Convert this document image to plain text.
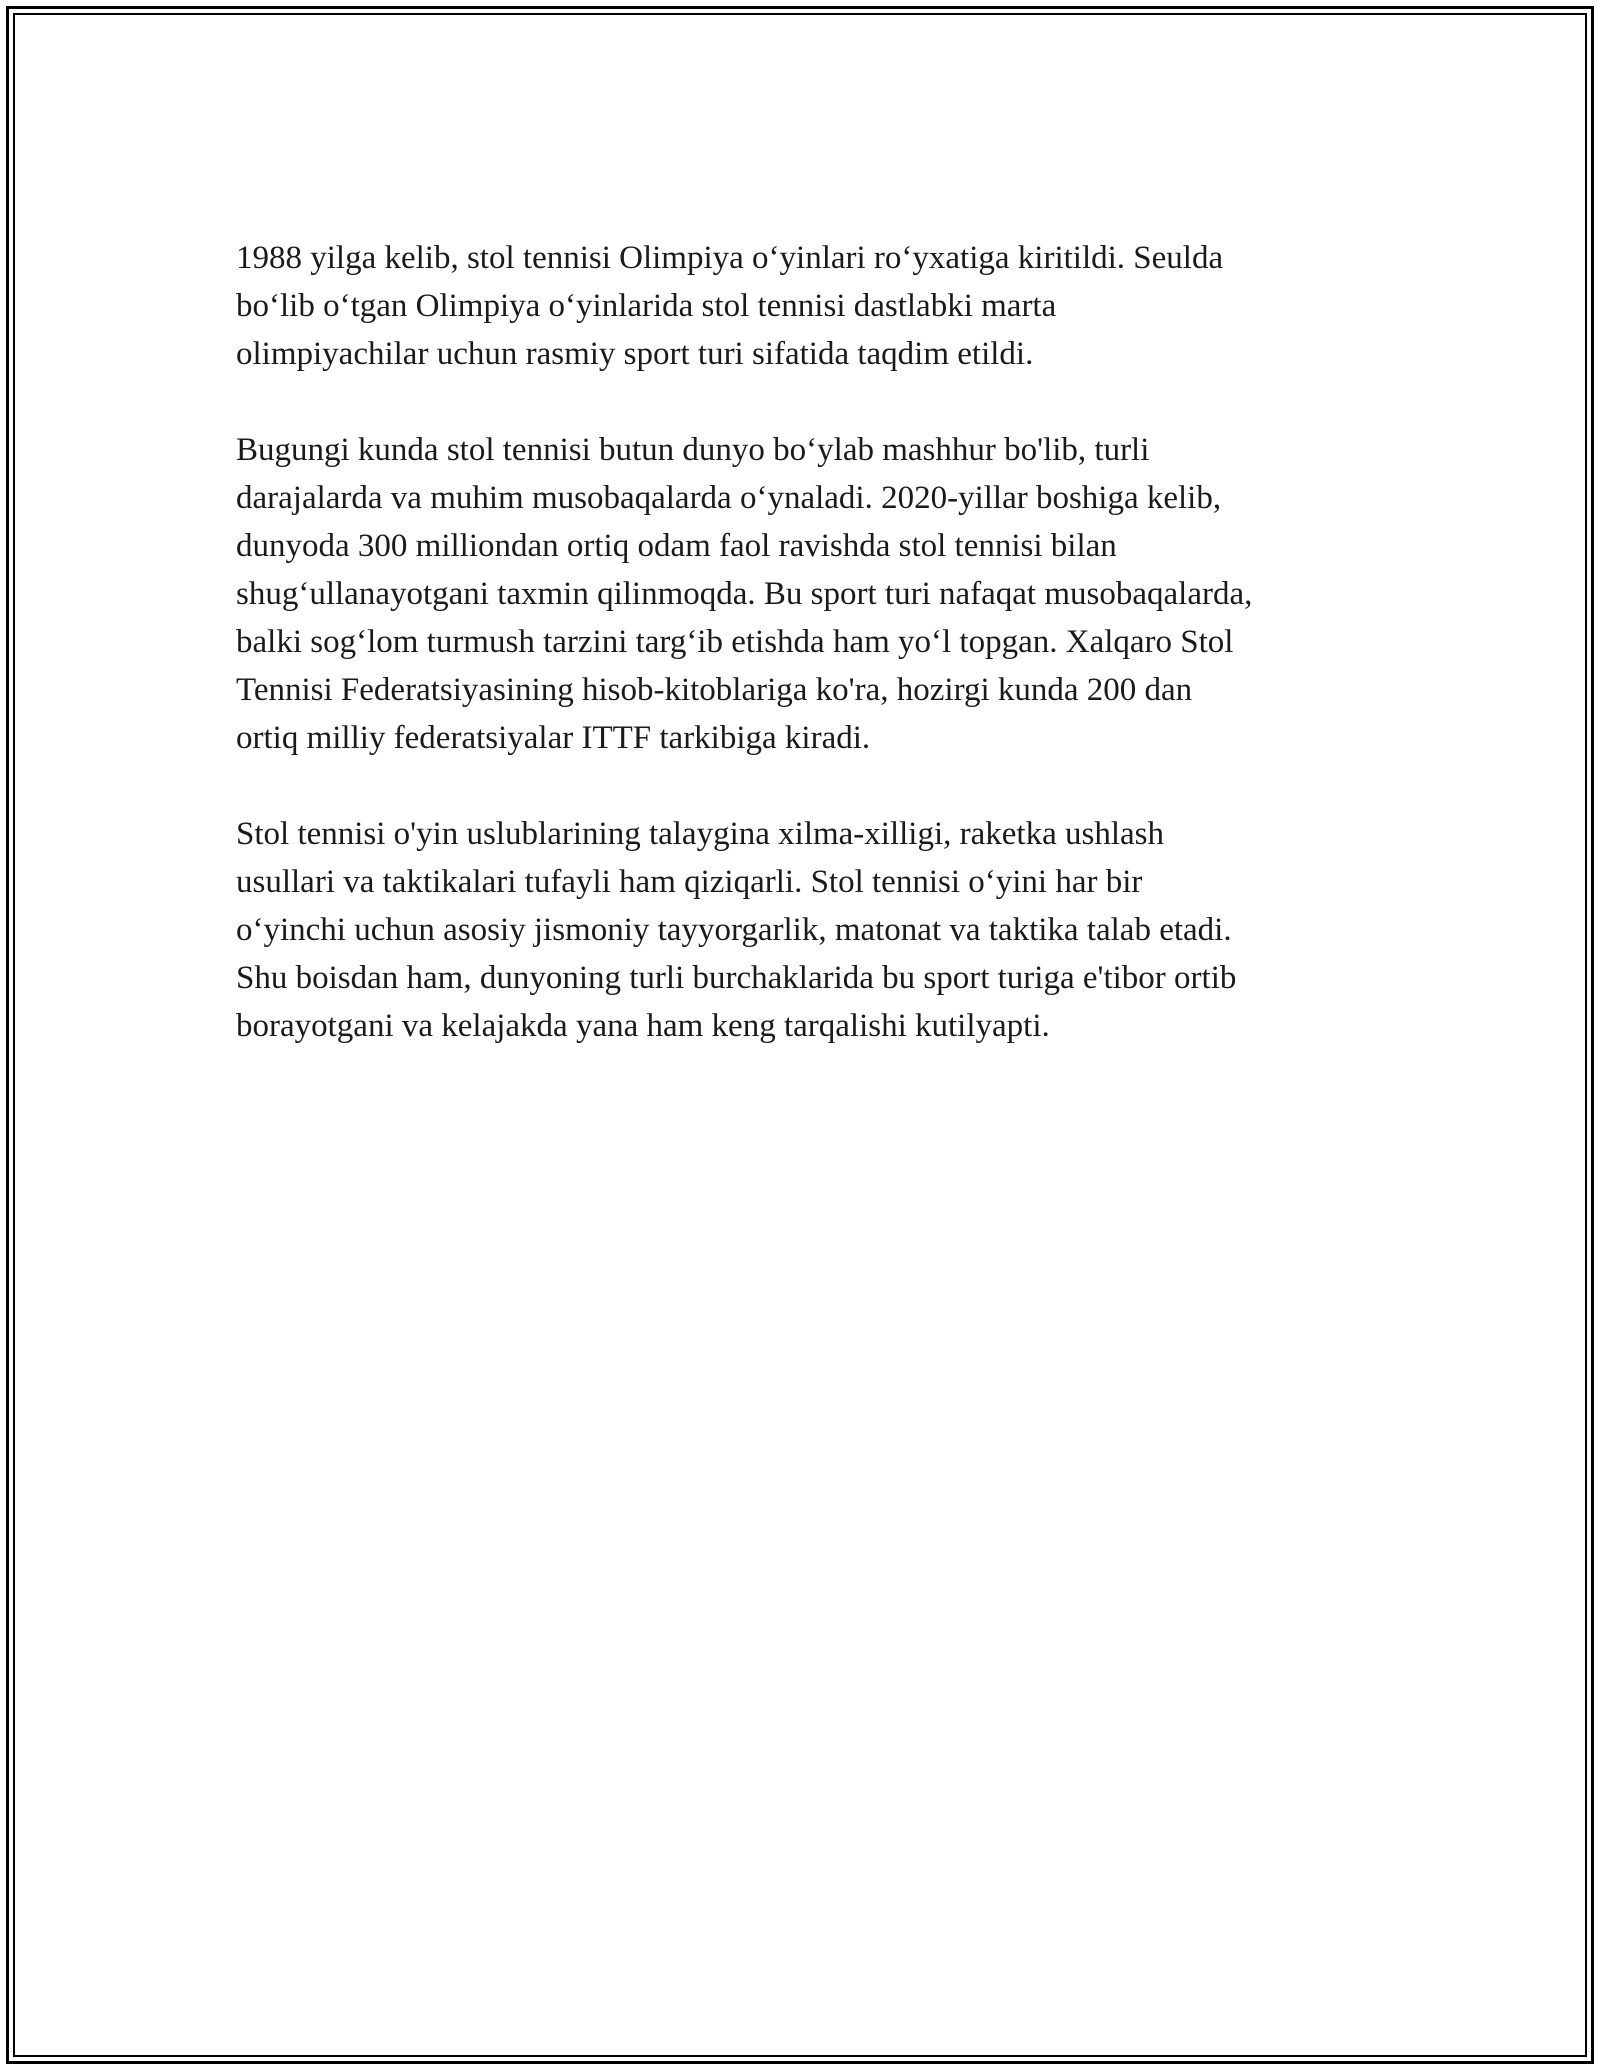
1988 yilga kelib, stol tennisi Olimpiya o‘yinlari ro‘yxatiga kiritildi. Seulda
bo‘lib o‘tgan Olimpiya o‘yinlarida stol tennisi dastlabki marta
olimpiyachilar uchun rasmiy sport turi sifatida taqdim etildi.

Bugungi kunda stol tennisi butun dunyo bo‘ylab mashhur bo'lib, turli
darajalarda va muhim musobaqalarda o‘ynaladi. 2020-yillar boshiga kelib,
dunyoda 300 milliondan ortiq odam faol ravishda stol tennisi bilan
shug‘ullanayotgani taxmin qilinmoqda. Bu sport turi nafaqat musobaqalarda,
balki sog‘lom turmush tarzini targ‘ib etishda ham yo‘l topgan. Xalqaro Stol
Tennisi Federatsiyasining hisob-kitoblariga ko'ra, hozirgi kunda 200 dan
ortiq milliy federatsiyalar ITTF tarkibiga kiradi.

Stol tennisi o'yin uslublarining talaygina xilma-xilligi, raketka ushlash
usullari va taktikalari tufayli ham qiziqarli. Stol tennisi o‘yini har bir
o‘yinchi uchun asosiy jismoniy tayyorgarlik, matonat va taktika talab etadi.
Shu boisdan ham, dunyoning turli burchaklarida bu sport turiga e'tibor ortib
borayotgani va kelajakda yana ham keng tarqalishi kutilyapti.
